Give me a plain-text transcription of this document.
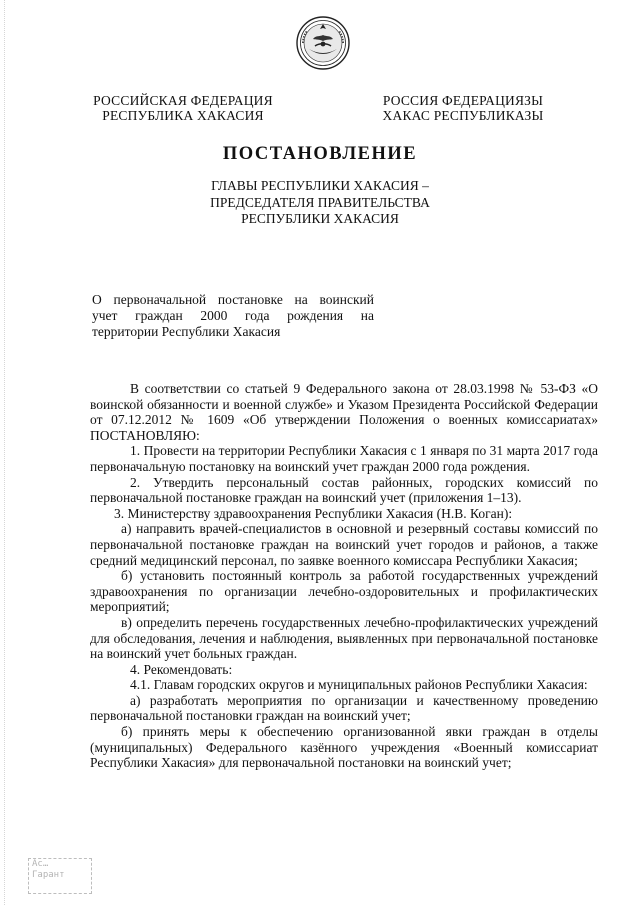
РОССИЙСКАЯ ФЕДЕРАЦИЯ
РЕСПУБЛИКА ХАКАСИЯ
РОССИЯ ФЕДЕРАЦИЯЗЫ
ХАКАС РЕСПУБЛИКАЗЫ
ПОСТАНОВЛЕНИЕ
ГЛАВЫ РЕСПУБЛИКИ ХАКАСИЯ –
ПРЕДСЕДАТЕЛЯ ПРАВИТЕЛЬСТВА
РЕСПУБЛИКИ ХАКАСИЯ
О первоначальной постановке на воинский
учет граждан 2000 года рождения на
территории Республики Хакасия

В соответствии со статьей 9 Федерального закона от 28.03.1998 № 53-ФЗ «О воинской обязанности и военной службе» и Указом Президента Российской Федерации от 07.12.2012 № 1609 «Об утверждении Положения о военных комиссариатах» ПОСТАНОВЛЯЮ:

1. Провести на территории Республики Хакасия с 1 января по 31 марта 2017 года первоначальную постановку на воинский учет граждан 2000 года рождения.

2. Утвердить персональный состав районных, городских комиссий по первоначальной постановке граждан на воинский учет (приложения 1–13).

3. Министерству здравоохранения Республики Хакасия (Н.В. Коган):

а) направить врачей-специалистов в основной и резервный составы комиссий по первоначальной постановке граждан на воинский учет городов и районов, а также средний медицинский персонал, по заявке военного комиссара Республики Хакасия;

б) установить постоянный контроль за работой государственных учреждений здравоохранения по организации лечебно-оздоровительных и профилактических мероприятий;

в) определить перечень государственных лечебно-профилактических учреждений для обследования, лечения и наблюдения, выявленных при первоначальной постановке на воинский учет больных граждан.

4. Рекомендовать:

4.1. Главам городских округов и муниципальных районов Республики Хакасия:

а) разработать мероприятия по организации и качественному проведению первоначальной постановки граждан на воинский учет;

б) принять меры к обеспечению организованной явки граждан в отделы (муниципальных) Федерального казённого учреждения «Военный комиссариат Республики Хакасия» для первоначальной постановки на воинский учет;

Ac…
Гарант
